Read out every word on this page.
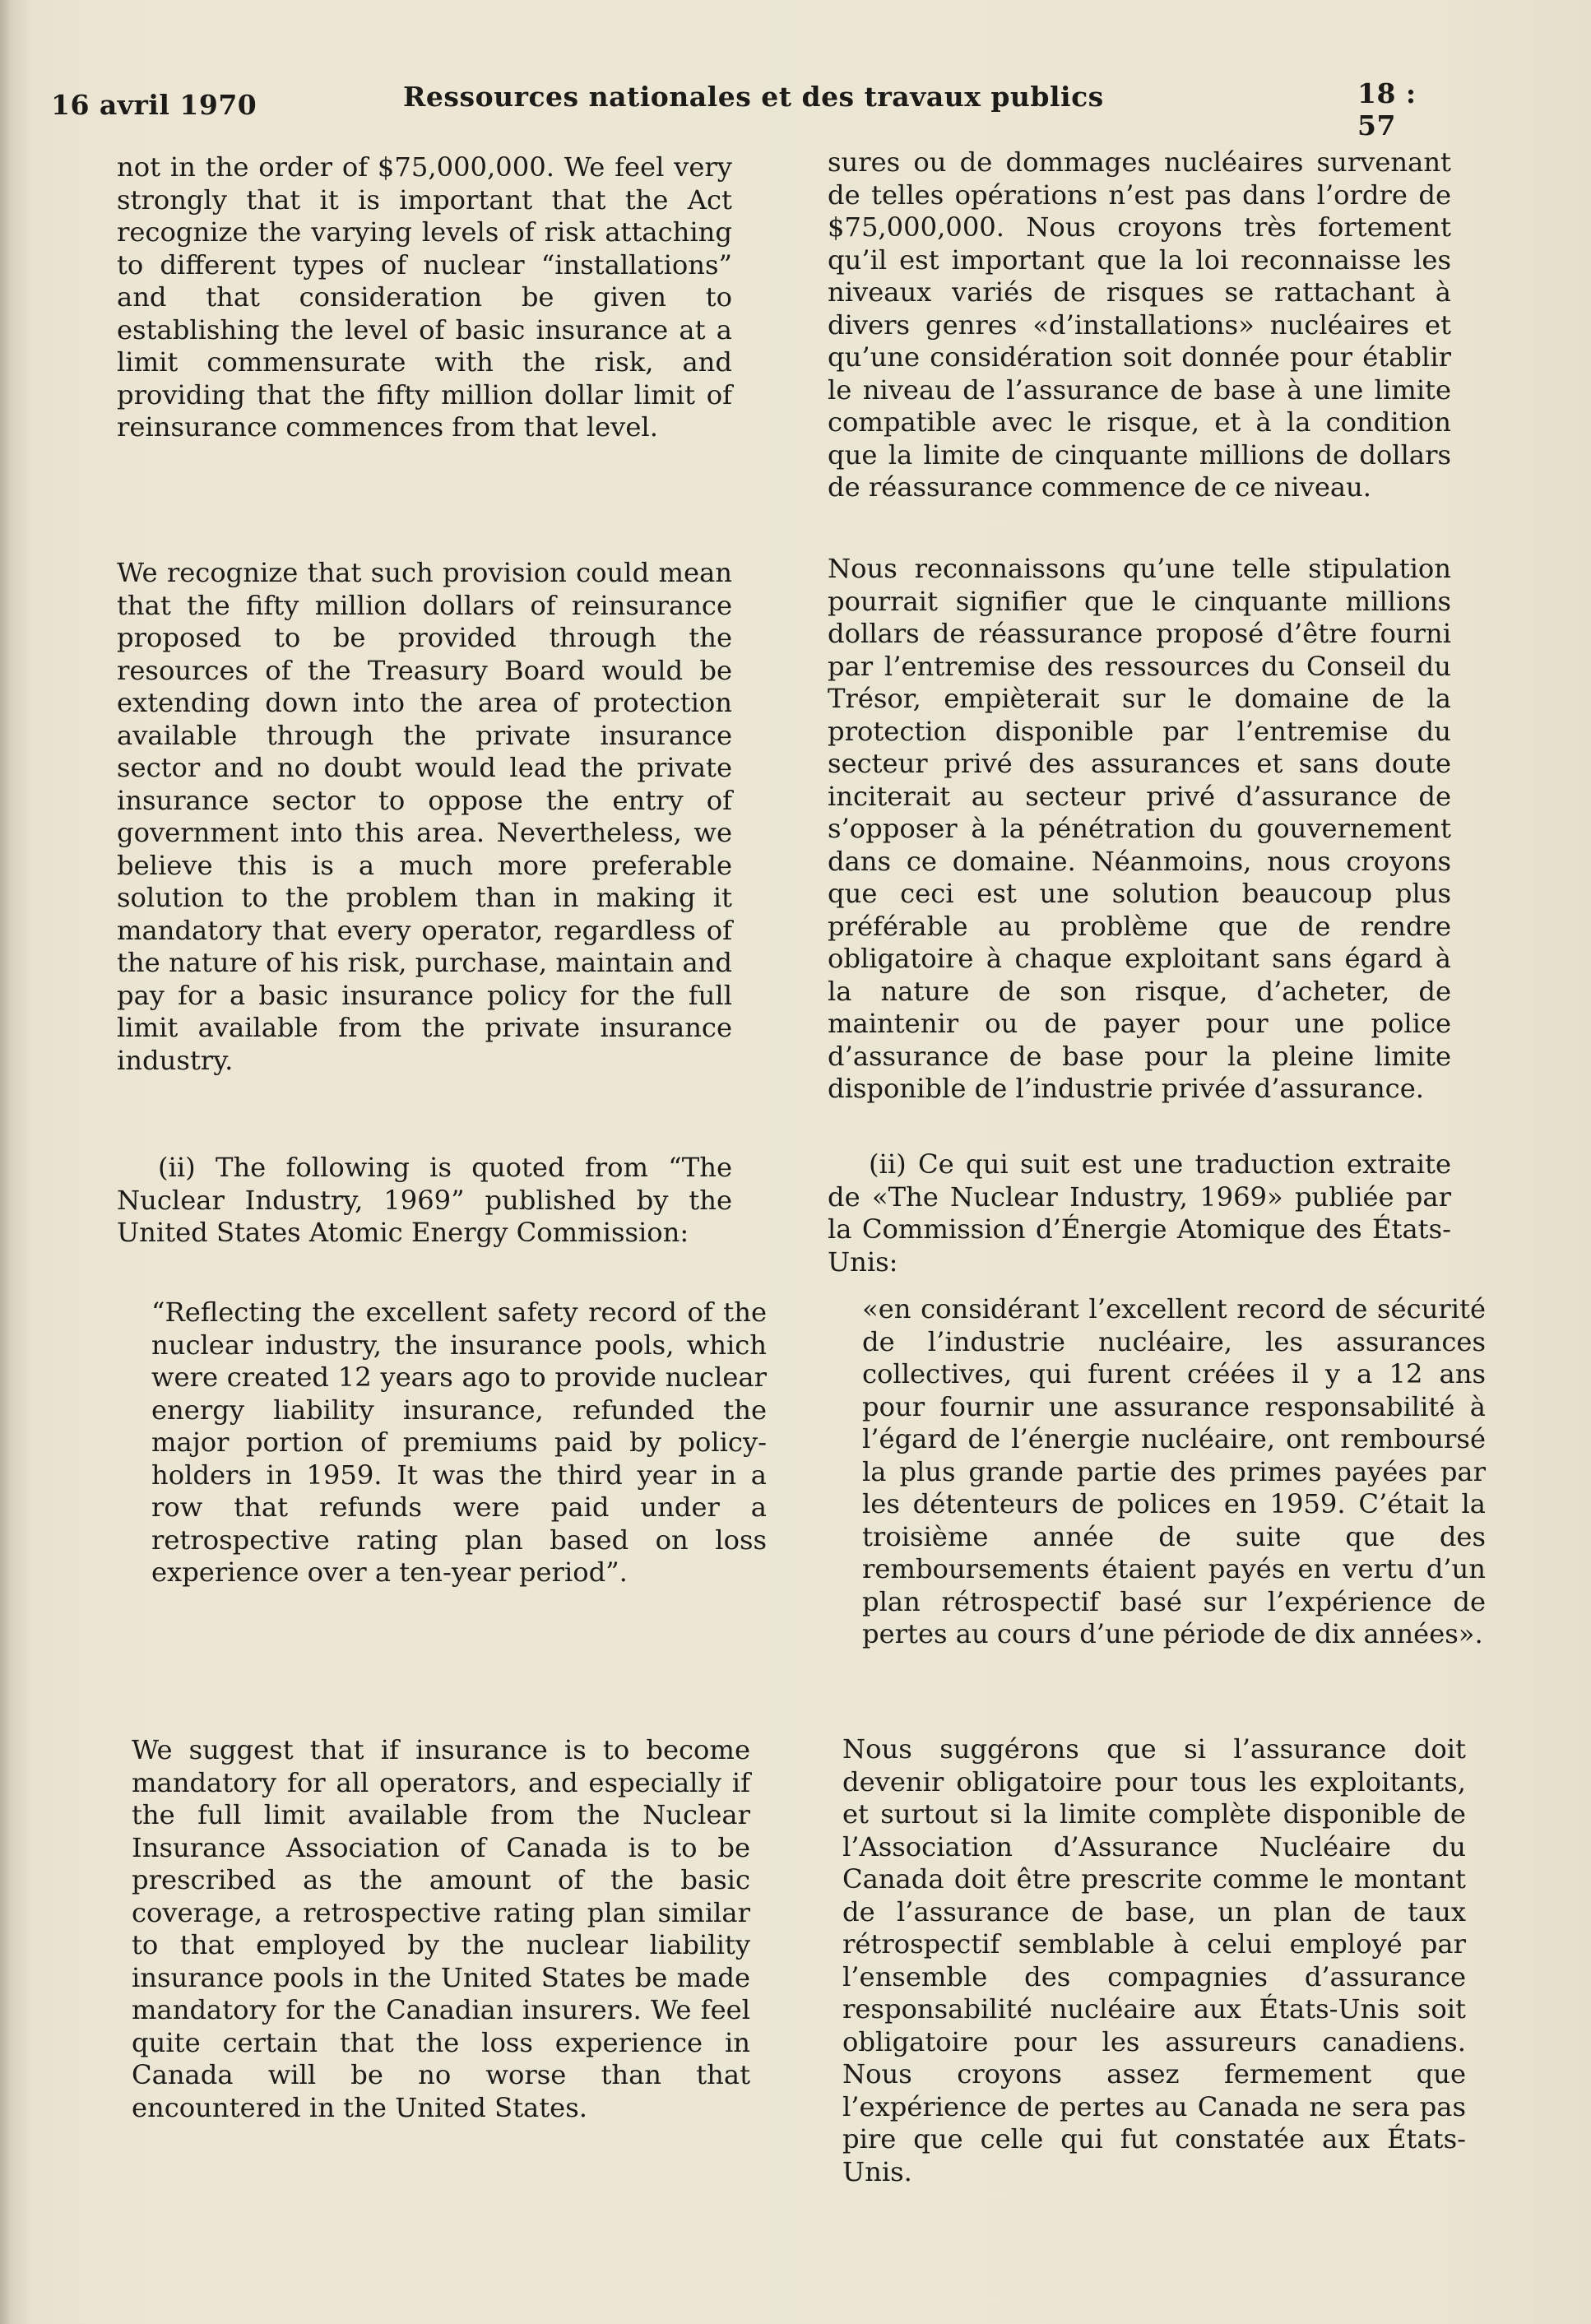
16 avril 1970	Ressources nationales et des travaux publics	18 : 57

not in the order of $75,000,000. We feel very strongly that it is important that the Act recognize the varying levels of risk attaching to different types of nuclear “installations” and that consideration be given to establishing the level of basic insurance at a limit commensurate with the risk, and providing that the fifty million dollar limit of reinsurance commences from that level.

We recognize that such provision could mean that the fifty million dollars of reinsurance proposed to be provided through the resources of the Treasury Board would be extending down into the area of protection available through the private insurance sector and no doubt would lead the private insurance sector to oppose the entry of government into this area. Nevertheless, we believe this is a much more preferable solution to the problem than in making it mandatory that every operator, regardless of the nature of his risk, purchase, maintain and pay for a basic insurance policy for the full limit available from the private insurance industry.

(ii) The following is quoted from “The Nuclear Industry, 1969” published by the United States Atomic Energy Commission:

“Reflecting the excellent safety record of the nuclear industry, the insurance pools, which were created 12 years ago to provide nuclear energy liability insurance, refunded the major portion of premiums paid by policy-holders in 1959. It was the third year in a row that refunds were paid under a retrospective rating plan based on loss experience over a ten-year period”.

We suggest that if insurance is to become mandatory for all operators, and especially if the full limit available from the Nuclear Insurance Association of Canada is to be prescribed as the amount of the basic coverage, a retrospective rating plan similar to that employed by the nuclear liability insurance pools in the United States be made mandatory for the Canadian insurers. We feel quite certain that the loss experience in Canada will be no worse than that encountered in the United States.

sures ou de dommages nucléaires survenant de telles opérations n’est pas dans l’ordre de $75,000,000. Nous croyons très fortement qu’il est important que la loi reconnaisse les niveaux variés de risques se rattachant à divers genres «d’installations» nucléaires et qu’une considération soit donnée pour établir le niveau de l’assurance de base à une limite compatible avec le risque, et à la condition que la limite de cinquante millions de dollars de réassurance commence de ce niveau.

Nous reconnaissons qu’une telle stipulation pourrait signifier que le cinquante millions dollars de réassurance proposé d’être fourni par l’entremise des ressources du Conseil du Trésor, empièterait sur le domaine de la protection disponible par l’entremise du secteur privé des assurances et sans doute inciterait au secteur privé d’assurance de s’opposer à la pénétration du gouvernement dans ce domaine. Néanmoins, nous croyons que ceci est une solution beaucoup plus préférable au problème que de rendre obligatoire à chaque exploitant sans égard à la nature de son risque, d’acheter, de maintenir ou de payer pour une police d’assurance de base pour la pleine limite disponible de l’industrie privée d’assurance.

(ii) Ce qui suit est une traduction extraite de «The Nuclear Industry, 1969» publiée par la Commission d’Énergie Atomique des États-Unis:

«en considérant l’excellent record de sécurité de l’industrie nucléaire, les assurances collectives, qui furent créées il y a 12 ans pour fournir une assurance responsabilité à l’égard de l’énergie nucléaire, ont remboursé la plus grande partie des primes payées par les détenteurs de polices en 1959. C’était la troisième année de suite que des remboursements étaient payés en vertu d’un plan rétrospectif basé sur l’expérience de pertes au cours d’une période de dix années».

Nous suggérons que si l’assurance doit devenir obligatoire pour tous les exploitants, et surtout si la limite complète disponible de l’Association d’Assurance Nucléaire du Canada doit être prescrite comme le montant de l’assurance de base, un plan de taux rétrospectif semblable à celui employé par l’ensemble des compagnies d’assurance responsabilité nucléaire aux États-Unis soit obligatoire pour les assureurs canadiens. Nous croyons assez fermement que l’expérience de pertes au Canada ne sera pas pire que celle qui fut constatée aux États-Unis.
